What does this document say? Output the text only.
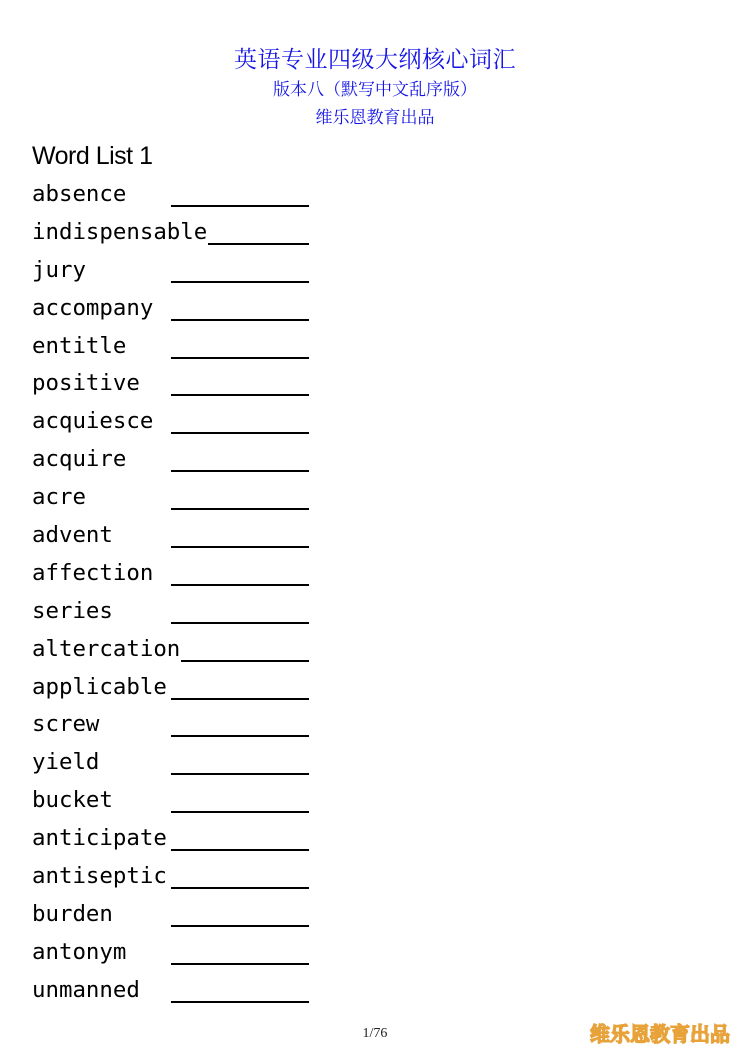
英语专业四级大纲核心词汇
版本八（默写中文乱序版）
维乐恩教育出品
Word List 1
absence
indispensable
jury
accompany
entitle
positive
acquiesce
acquire
acre
advent
affection
series
altercation
applicable
screw
yield
bucket
anticipate
antiseptic
burden
antonym
unmanned
1/76	维乐恩教育出品
